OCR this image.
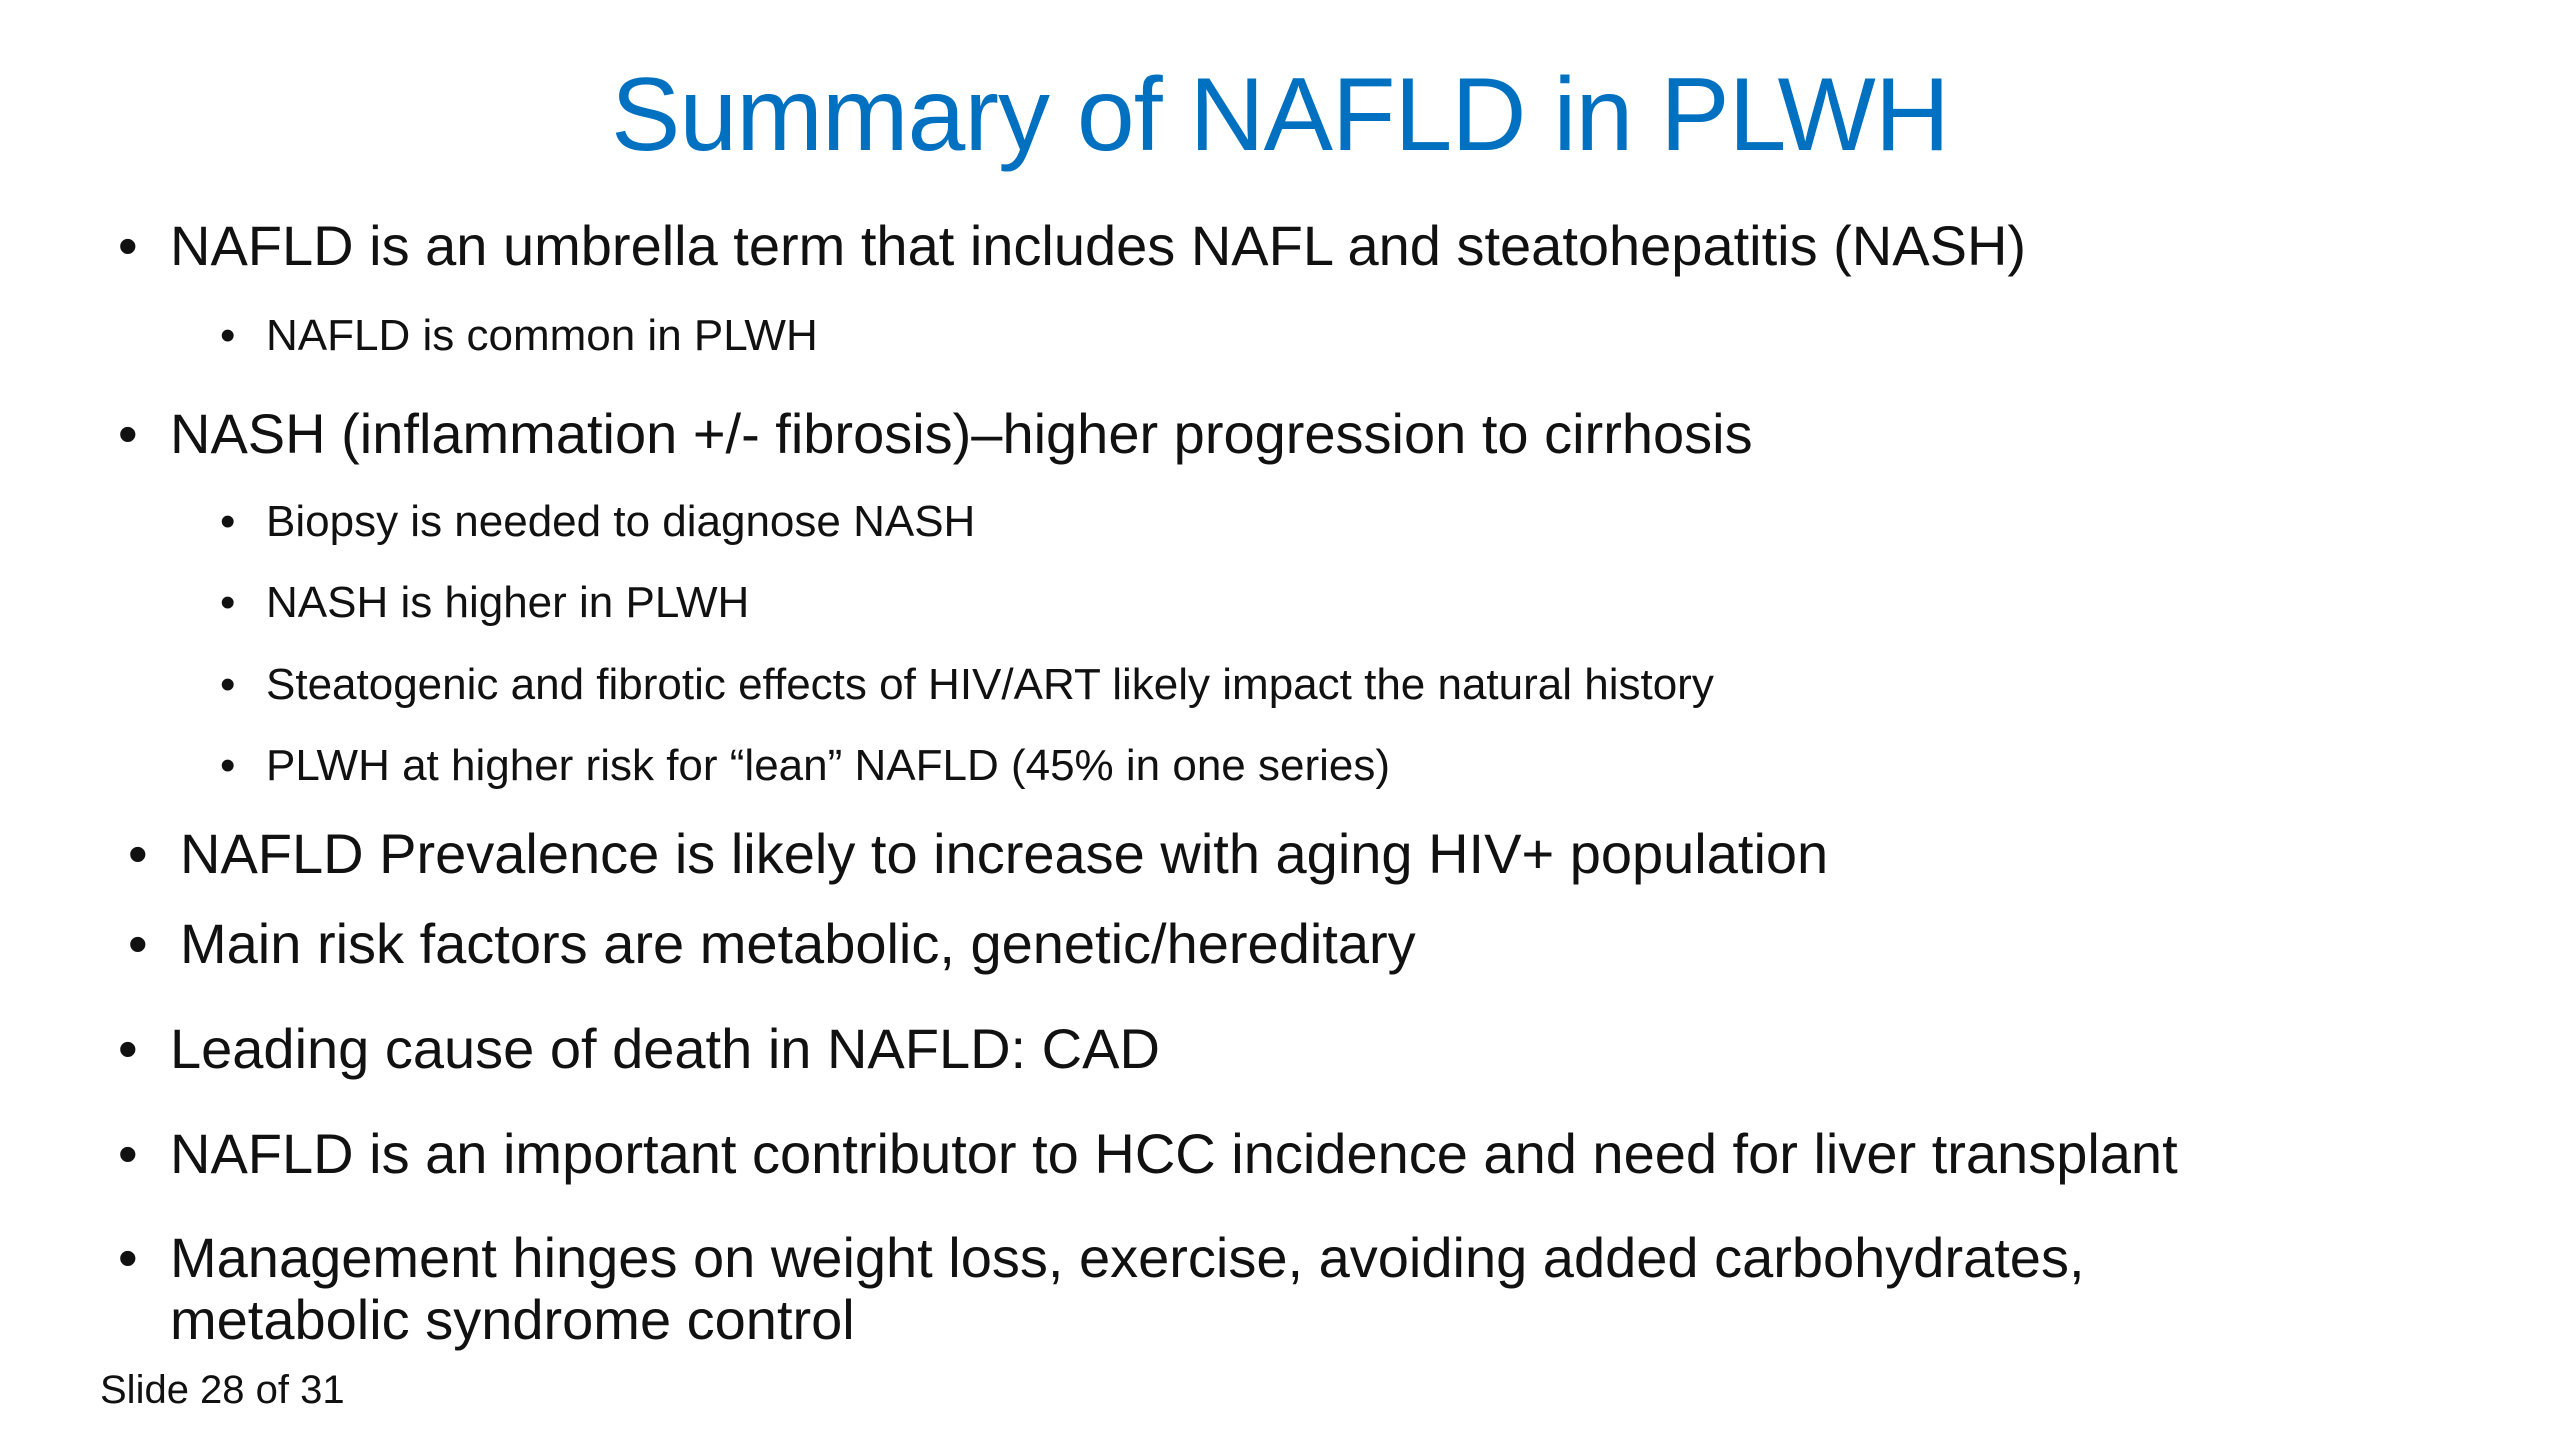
Summary of NAFLD in PLWH
• NAFLD is an umbrella term that includes NAFL and steatohepatitis (NASH)
• NAFLD is common in PLWH
• NASH (inflammation +/- fibrosis)–higher progression to cirrhosis
• Biopsy is needed to diagnose NASH
• NASH is higher in PLWH
• Steatogenic and fibrotic effects of HIV/ART likely impact the natural history
• PLWH at higher risk for “lean” NAFLD (45% in one series)
• NAFLD Prevalence is likely to increase with aging HIV+ population
• Main risk factors are metabolic, genetic/hereditary
• Leading cause of death in NAFLD: CAD
• NAFLD is an important contributor to HCC incidence and need for liver transplant
• Management hinges on weight loss, exercise, avoiding added carbohydrates,
metabolic syndrome control
Slide 28 of 31
